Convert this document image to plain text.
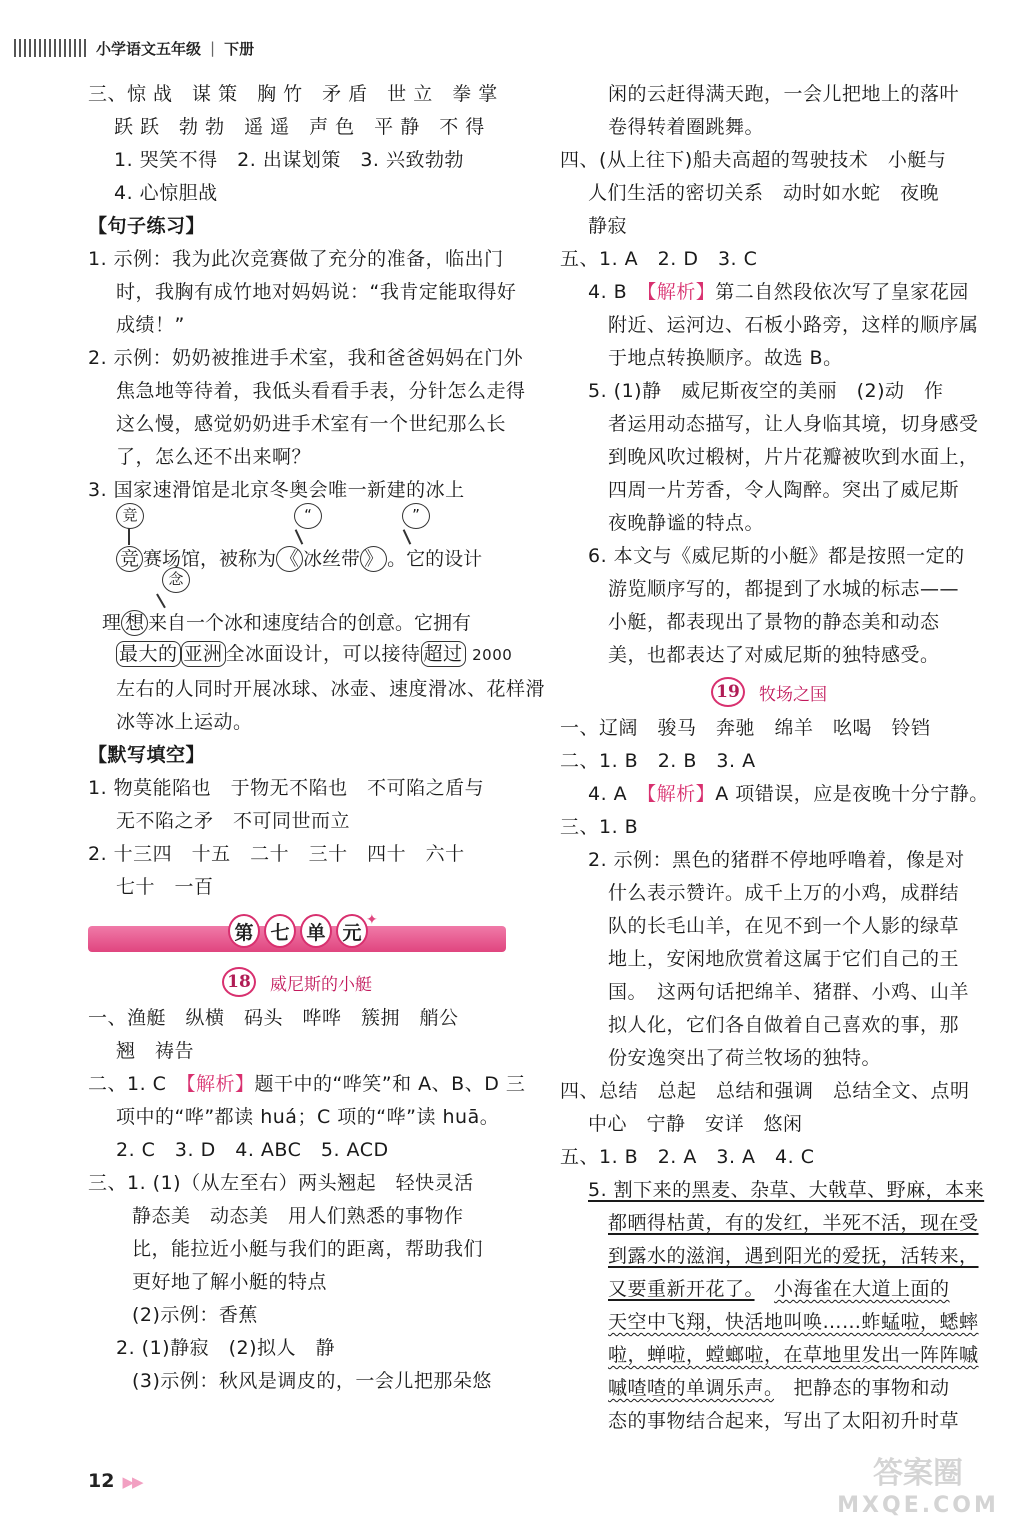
小学语文五年级 | 下册
三、惊 战　谋 策　胸 竹　矛 盾　世 立　拳 掌
跃 跃　勃 勃　遥 遥　声 色　平 静　不 得
1. 哭笑不得　2. 出谋划策　3. 兴致勃勃
4. 心惊胆战
【句子练习】
1. 示例：我为此次竞赛做了充分的准备，临出门
时，我胸有成竹地对妈妈说：“我肯定能取得好
成绩！”
2. 示例：奶奶被推进手术室，我和爸爸妈妈在门外
焦急地等待着，我低头看看手表，分针怎么走得
这么慢，感觉奶奶进手术室有一个世纪那么长
了，怎么还不出来啊？
3. 国家速滑馆是北京冬奥会唯一新建的冰上
竞
竞 赛场馆，被称为 《 冰丝带 》 。它的设计
“	”
念
理 想 来自一个冰和速度结合的创意。它拥有
最大的 亚洲 全冰面设计，可以接待 超过 2000
左右的人同时开展冰球、冰壶、速度滑冰、花样滑
冰等冰上运动。
【默写填空】
1. 物莫能陷也　于物无不陷也　不可陷之盾与
无不陷之矛　不可同世而立
2. 十三四　十五　二十　三十　四十　六十
七十　一百
第 七 单 元
✦
18	威尼斯的小艇
一、渔艇　纵横　码头　哗哗　簇拥　艄公
翘　祷告
二、1. C　【解析】题干中的“哗笑”和 A、B、D 三
项中的“哗”都读 huá；C 项的“哗”读 huā。
2. C　3. D　4. ABC　5. ACD
三、1. (1)（从左至右）两头翘起　轻快灵活
静态美　动态美　用人们熟悉的事物作
比，能拉近小艇与我们的距离，帮助我们
更好地了解小艇的特点
(2)示例：香蕉
2. (1)静寂　(2)拟人　静
(3)示例：秋风是调皮的，一会儿把那朵悠
闲的云赶得满天跑，一会儿把地上的落叶
卷得转着圈跳舞。
四、(从上往下)船夫高超的驾驶技术　小艇与
人们生活的密切关系　动时如水蛇　夜晚
静寂
五、1. A　2. D　3. C
4. B　【解析】第二自然段依次写了皇家花园
附近、运河边、石板小路旁，这样的顺序属
于地点转换顺序。故选 B。
5. (1)静　威尼斯夜空的美丽　(2)动　作
者运用动态描写，让人身临其境，切身感受
到晚风吹过椴树，片片花瓣被吹到水面上，
四周一片芳香，令人陶醉。突出了威尼斯
夜晚静谧的特点。
6. 本文与《威尼斯的小艇》都是按照一定的
游览顺序写的，都提到了水城的标志——
小艇，都表现出了景物的静态美和动态
美，也都表达了对威尼斯的独特感受。
19	牧场之国
一、辽阔　骏马　奔驰　绵羊　吆喝　铃铛
二、1. B　2. B　3. A
4. A　【解析】A 项错误，应是夜晚十分宁静。
三、1. B
2. 示例：黑色的猪群不停地呼噜着，像是对
什么表示赞许。成千上万的小鸡，成群结
队的长毛山羊，在见不到一个人影的绿草
地上，安闲地欣赏着这属于它们自己的王
国。　这两句话把绵羊、猪群、小鸡、山羊
拟人化，它们各自做着自己喜欢的事，那
份安逸突出了荷兰牧场的独特。
四、总结　总起　总结和强调　总结全文、点明
中心　宁静　安详　悠闲
五、1. B　2. A　3. A　4. C
5. 割下来的黑麦、杂草、大戟草、野麻，本来
都晒得枯黄，有的发红，半死不活，现在受
到露水的滋润，遇到阳光的爱抚，活转来，
又要重新开花了。　 小海雀在大道上面的
天空中飞翔，快活地叫唤……蚱蜢啦，蟋蟀
啦，蝉啦，螳螂啦，在草地里发出一阵阵嘁
嘁喳喳的单调乐声。　 把静态的事物和动
态的事物结合起来，写出了太阳初升时草
12 ▶▶	答案圈
MXQE.COM
